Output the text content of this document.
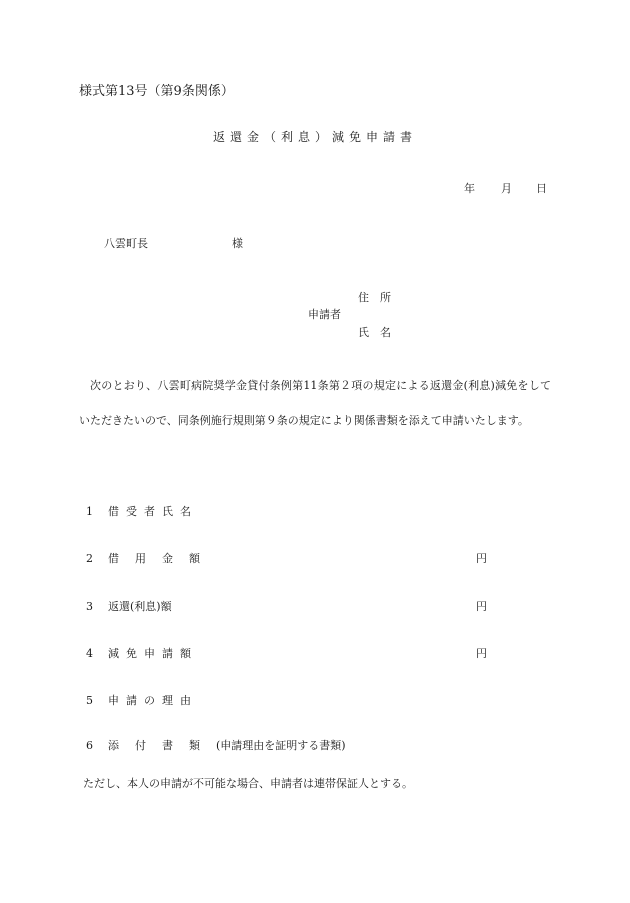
様式第13号（第9条関係）
返還金（利息）減免申請書
年 月 日
八雲町長	様
住　所
申請者
氏　名
次のとおり、八雲町病院奨学金貸付条例第11条第２項の規定による返還金(利息)減免をしていただきたいので、同条例施行規則第９条の規定により関係書類を添えて申請いたします。
1 借受者氏名
2 借用金額	円
3 返還(利息)額	円
4 減免申請額	円
5 申請の理由
6 添付書類(申請理由を証明する書類)
ただし、本人の申請が不可能な場合、申請者は連帯保証人とする。
